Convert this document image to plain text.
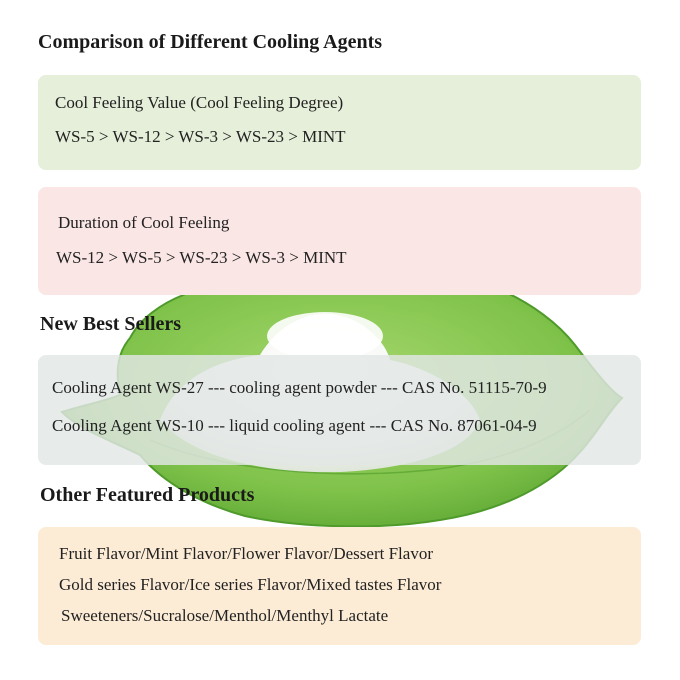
Comparison of Different Cooling Agents
Cool Feeling Value (Cool Feeling Degree)
WS-5 > WS-12 > WS-3 > WS-23 > MINT
Duration of Cool Feeling
WS-12 > WS-5 > WS-23 > WS-3 > MINT
New Best Sellers
Cooling Agent WS-27 --- cooling agent powder --- CAS No. 51115-70-9
Cooling Agent WS-10 --- liquid cooling agent --- CAS No. 87061-04-9
Other Featured Products
Fruit Flavor/Mint Flavor/Flower Flavor/Dessert Flavor
Gold series Flavor/Ice series Flavor/Mixed tastes Flavor
Sweeteners/Sucralose/Menthol/Menthyl Lactate
